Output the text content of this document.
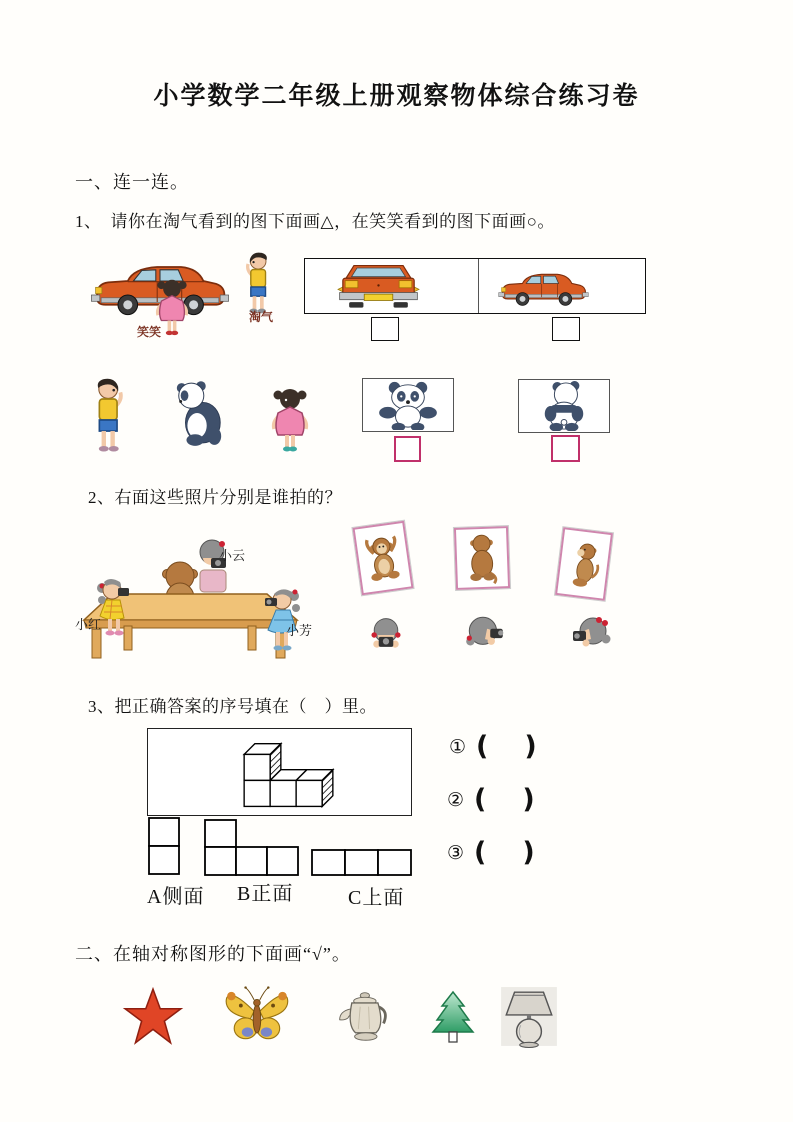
小学数学二年级上册观察物体综合练习卷
一、连一连。
1、　请你在淘气看到的图下面画△，在笑笑看到的图下面画○。
笑笑
淘气
2、右面这些照片分别是谁拍的？
小红
小云
小芳
3、把正确答案的序号填在（　）里。
A侧面 B正面	C上面
① ( )
② ( )
③ ( )
二、在轴对称图形的下面画“√”。
